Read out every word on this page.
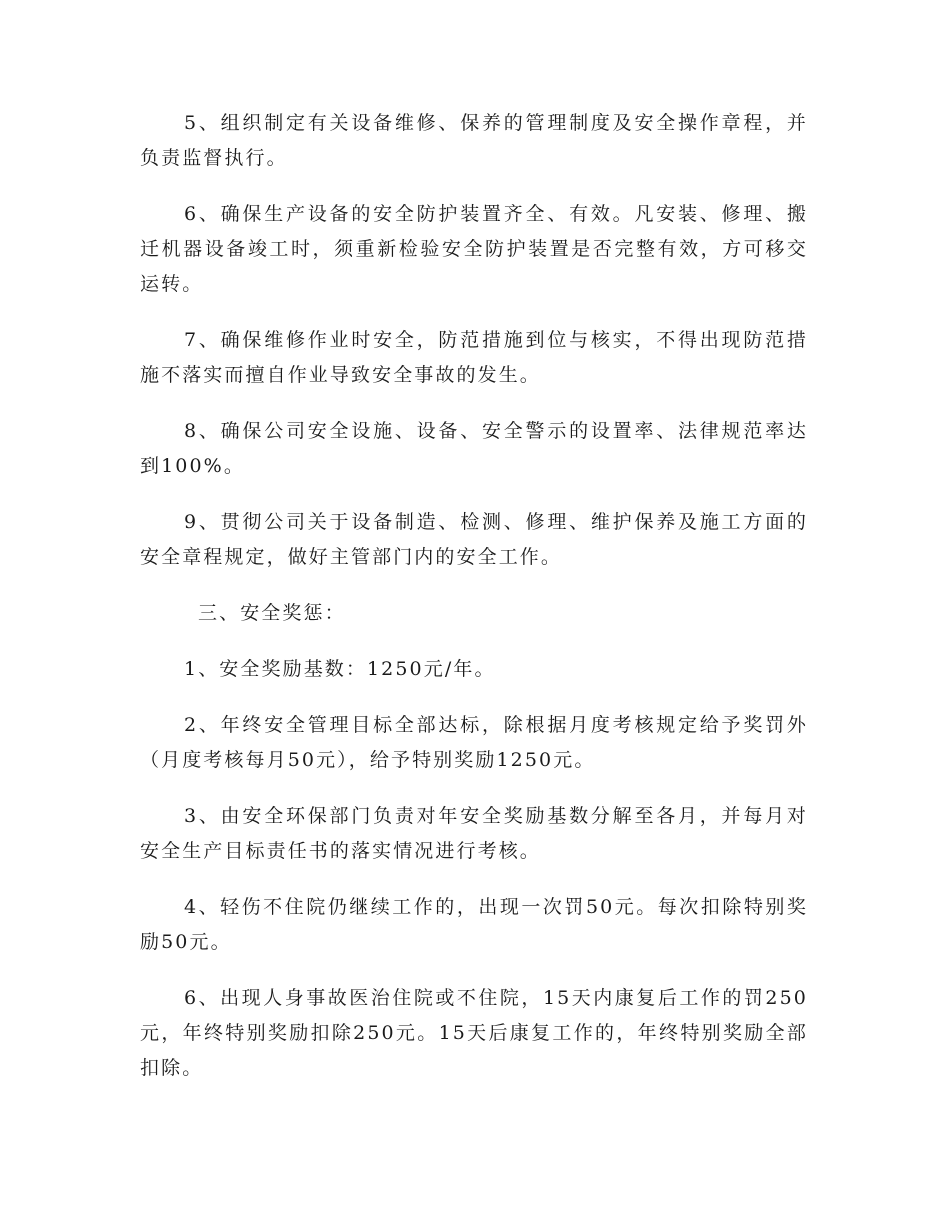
5、组织制定有关设备维修、保养的管理制度及安全操作章程，并负责监督执行。

6、确保生产设备的安全防护装置齐全、有效。凡安装、修理、搬迁机器设备竣工时，须重新检验安全防护装置是否完整有效，方可移交运转。

7、确保维修作业时安全，防范措施到位与核实，不得出现防范措施不落实而擅自作业导致安全事故的发生。

8、确保公司安全设施、设备、安全警示的设置率、法律规范率达到100%。

9、贯彻公司关于设备制造、检测、修理、维护保养及施工方面的安全章程规定，做好主管部门内的安全工作。

三、安全奖惩：

1、安全奖励基数：1250元/年。

2、年终安全管理目标全部达标，除根据月度考核规定给予奖罚外（月度考核每月50元），给予特别奖励1250元。

3、由安全环保部门负责对年安全奖励基数分解至各月，并每月对安全生产目标责任书的落实情况进行考核。

4、轻伤不住院仍继续工作的，出现一次罚50元。每次扣除特别奖励50元。

6、出现人身事故医治住院或不住院，15天内康复后工作的罚250元，年终特别奖励扣除250元。15天后康复工作的，年终特别奖励全部扣除。
